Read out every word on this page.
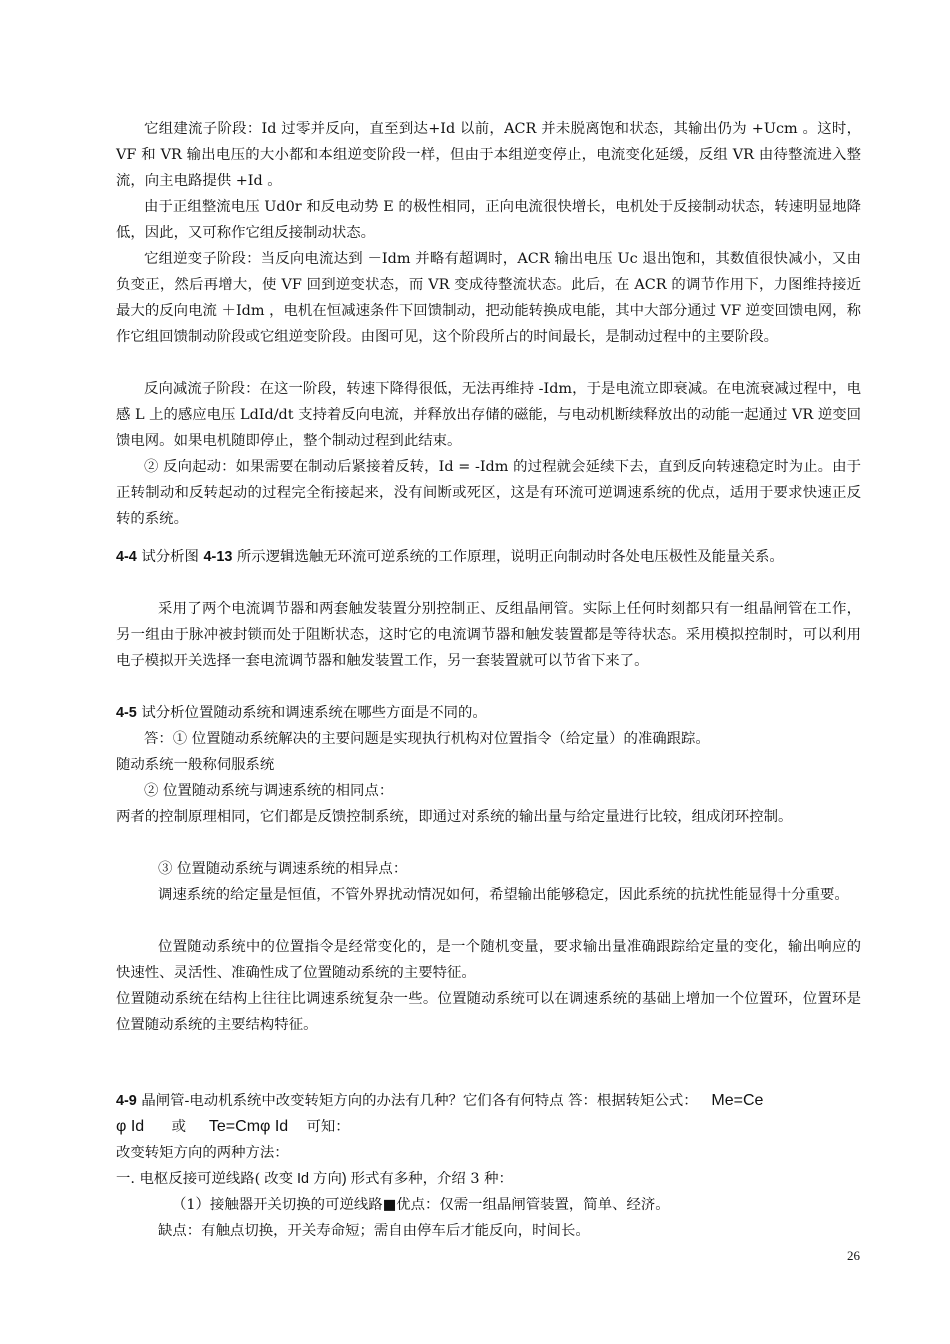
它组建流子阶段：Id 过零并反向，直至到达+Id 以前，ACR 并未脱离饱和状态，其输出仍为 +Ucm 。这时，VF 和 VR 输出电压的大小都和本组逆变阶段一样，但由于本组逆变停止，电流变化延缓，反组 VR 由待整流进入整流，向主电路提供 +Id 。

由于正组整流电压 Ud0r 和反电动势 E 的极性相同，正向电流很快增长，电机处于反接制动状态，转速明显地降低，因此，又可称作它组反接制动状态。

它组逆变子阶段：当反向电流达到 －Idm 并略有超调时，ACR 输出电压 Uc 退出饱和，其数值很快减小，又由负变正，然后再增大，使 VF 回到逆变状态，而 VR 变成待整流状态。此后，在 ACR 的调节作用下，力图维持接近最大的反向电流 ＋Idm ，电机在恒减速条件下回馈制动，把动能转换成电能，其中大部分通过 VF 逆变回馈电网，称作它组回馈制动阶段或它组逆变阶段。由图可见，这个阶段所占的时间最长，是制动过程中的主要阶段。

反向减流子阶段：在这一阶段，转速下降得很低，无法再维持 -Idm，于是电流立即衰减。在电流衰减过程中，电感 L 上的感应电压 LdId/dt 支持着反向电流，并释放出存储的磁能，与电动机断续释放出的动能一起通过 VR 逆变回馈电网。如果电机随即停止，整个制动过程到此结束。

② 反向起动：如果需要在制动后紧接着反转，Id = -Idm 的过程就会延续下去，直到反向转速稳定时为止。由于正转制动和反转起动的过程完全衔接起来，没有间断或死区，这是有环流可逆调速系统的优点，适用于要求快速正反转的系统。

4-4 试分析图 4-13 所示逻辑选触无环流可逆系统的工作原理，说明正向制动时各处电压极性及能量关系。

采用了两个电流调节器和两套触发装置分别控制正、反组晶闸管。实际上任何时刻都只有一组晶闸管在工作，另一组由于脉冲被封锁而处于阻断状态，这时它的电流调节器和触发装置都是等待状态。采用模拟控制时，可以利用电子模拟开关选择一套电流调节器和触发装置工作，另一套装置就可以节省下来了。

4-5 试分析位置随动系统和调速系统在哪些方面是不同的。

答：① 位置随动系统解决的主要问题是实现执行机构对位置指令（给定量）的准确跟踪。

随动系统一般称伺服系统

② 位置随动系统与调速系统的相同点：

两者的控制原理相同，它们都是反馈控制系统，即通过对系统的输出量与给定量进行比较，组成闭环控制。

③ 位置随动系统与调速系统的相异点：

调速系统的给定量是恒值，不管外界扰动情况如何，希望输出能够稳定，因此系统的抗扰性能显得十分重要。

位置随动系统中的位置指令是经常变化的，是一个随机变量，要求输出量准确跟踪给定量的变化，输出响应的快速性、灵活性、准确性成了位置随动系统的主要特征。

位置随动系统在结构上往往比调速系统复杂一些。位置随动系统可以在调速系统的基础上增加一个位置环，位置环是位置随动系统的主要结构特征。

4-9 晶闸管-电动机系统中改变转矩方向的办法有几种？它们各有何特点 答：根据转矩公式： Me=Ce
φ Id 或 Te=Cmφ Id 可知：

改变转矩方向的两种方法：

一. 电枢反接可逆线路( 改变 Id 方向) 形式有多种，介绍 3 种：

（1）接触器开关切换的可逆线路■优点：仅需一组晶闸管装置，简单、经济。

缺点：有触点切换，开关寿命短；需自由停车后才能反向，时间长。

26
